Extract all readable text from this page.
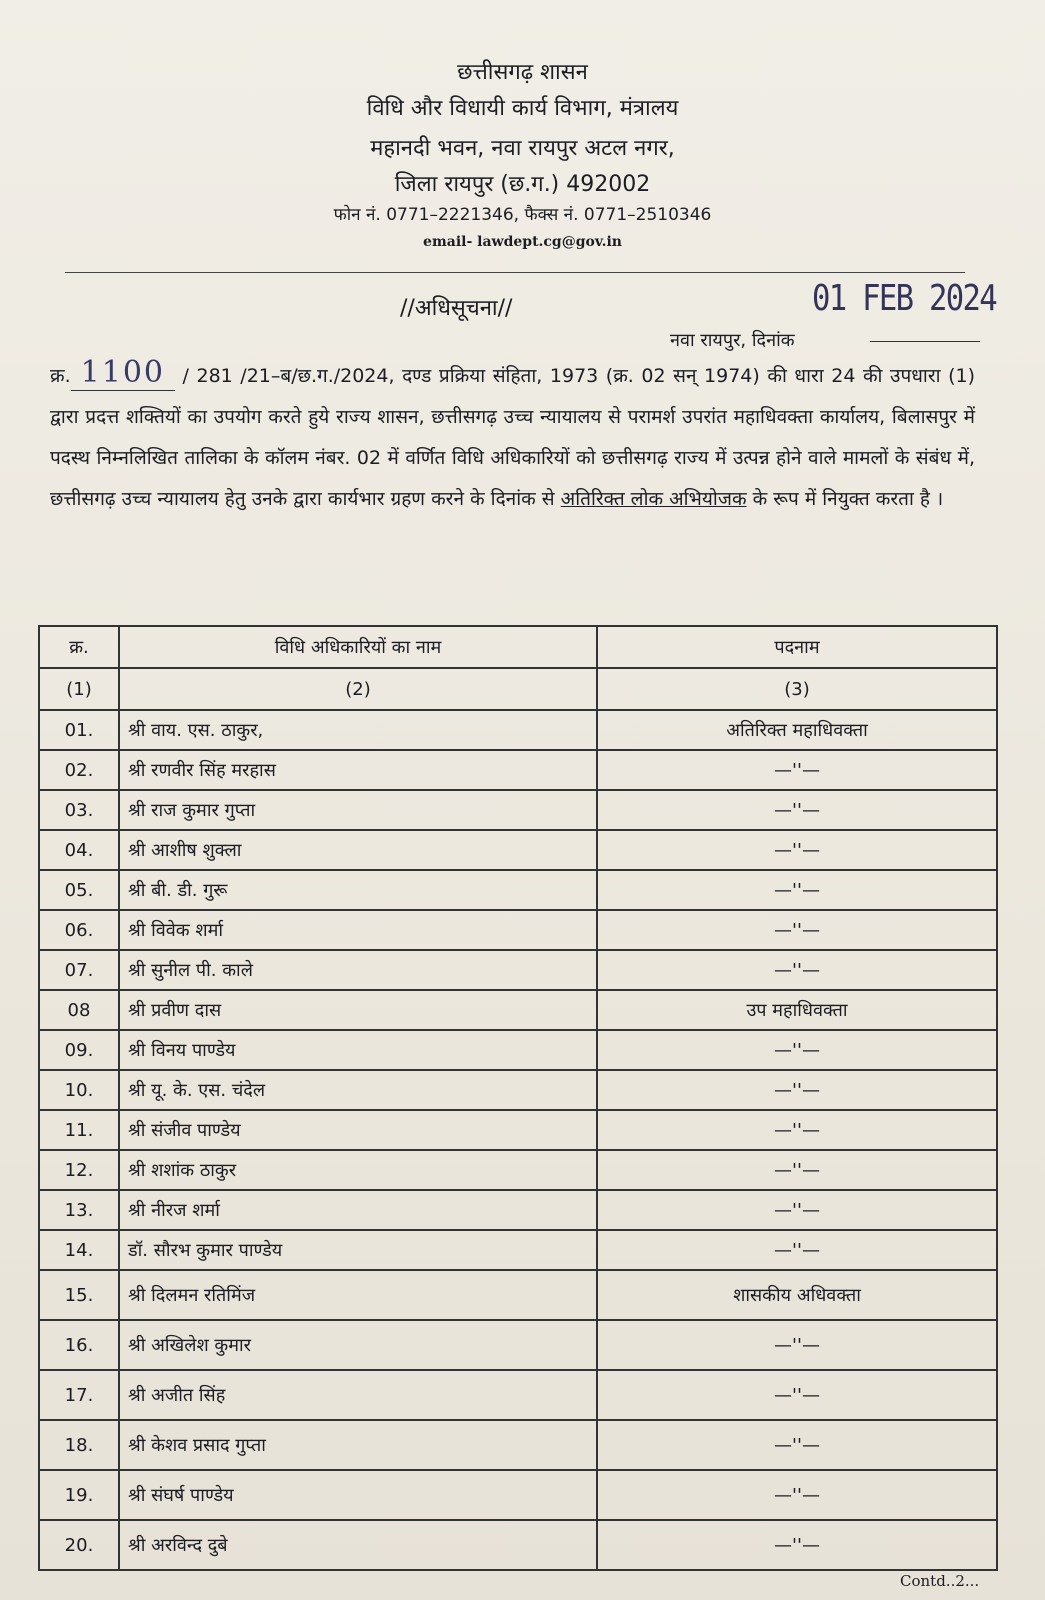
छत्तीसगढ़ शासन
विधि और विधायी कार्य विभाग, मंत्रालय
महानदी भवन, नवा रायपुर अटल नगर,
जिला रायपुर (छ.ग.) 492002
फोन नं. 0771–2221346, फैक्स नं. 0771–2510346
email- lawdept.cg@gov.in
//अधिसूचना//	01 FEB 2024
नवा रायपुर, दिनांक
क्र. 1100 / 281 /21–ब/छ.ग./2024, दण्ड प्रक्रिया संहिता, 1973 (क्र. 02 सन् 1974) की धारा 24 की उपधारा (1) द्वारा प्रदत्त शक्तियों का उपयोग करते हुये राज्य शासन, छत्तीसगढ़ उच्च न्यायालय से परामर्श उपरांत महाधिवक्ता कार्यालय, बिलासपुर में पदस्थ निम्नलिखित तालिका के कॉलम नंबर. 02 में वर्णित विधि अधिकारियों को छत्तीसगढ़ राज्य में उत्पन्न होने वाले मामलों के संबंध में, छत्तीसगढ़ उच्च न्यायालय हेतु उनके द्वारा कार्यभार ग्रहण करने के दिनांक से अतिरिक्त लोक अभियोजक के रूप में नियुक्त करता है ।
क्र.	विधि अधिकारियों का नाम	पदनाम
(1)	(2)	(3)
01.	श्री वाय. एस. ठाकुर,	अतिरिक्त महाधिवक्ता
02.	श्री रणवीर सिंह मरहास	—''—
03.	श्री राज कुमार गुप्ता	—''—
04.	श्री आशीष शुक्ला	—''—
05.	श्री बी. डी. गुरू	—''—
06.	श्री विवेक शर्मा	—''—
07.	श्री सुनील पी. काले	—''—
08	श्री प्रवीण दास	उप महाधिवक्ता
09.	श्री विनय पाण्डेय	—''—
10.	श्री यू. के. एस. चंदेल	—''—
11.	श्री संजीव पाण्डेय	—''—
12.	श्री शशांक ठाकुर	—''—
13.	श्री नीरज शर्मा	—''—
14.	डॉ. सौरभ कुमार पाण्डेय	—''—
15.	श्री दिलमन रतिमिंज	शासकीय अधिवक्ता
16.	श्री अखिलेश कुमार	—''—
17.	श्री अजीत सिंह	—''—
18.	श्री केशव प्रसाद गुप्ता	—''—
19.	श्री संघर्ष पाण्डेय	—''—
20.	श्री अरविन्द दुबे	—''—
Contd..2...
